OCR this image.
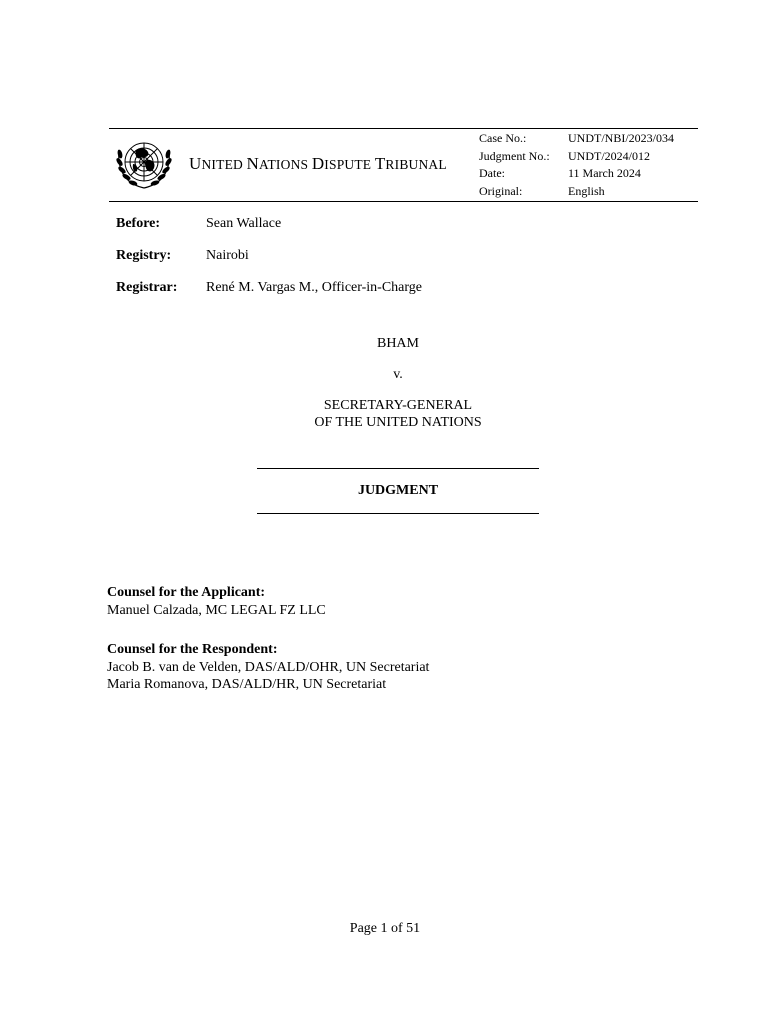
UNITED NATIONS DISPUTE TRIBUNAL
Case No.:	UNDT/NBI/2023/034
Judgment No.:	UNDT/2024/012
Date:	11 March 2024
Original:	English
Before:	Sean Wallace
Registry:	Nairobi
Registrar:	René M. Vargas M., Officer-in-Charge
BHAM
v.
SECRETARY-GENERAL
OF THE UNITED NATIONS
JUDGMENT
Counsel for the Applicant:
Manuel Calzada, MC LEGAL FZ LLC
Counsel for the Respondent:
Jacob B. van de Velden, DAS/ALD/OHR, UN Secretariat
Maria Romanova, DAS/ALD/HR, UN Secretariat
Page 1 of 51
